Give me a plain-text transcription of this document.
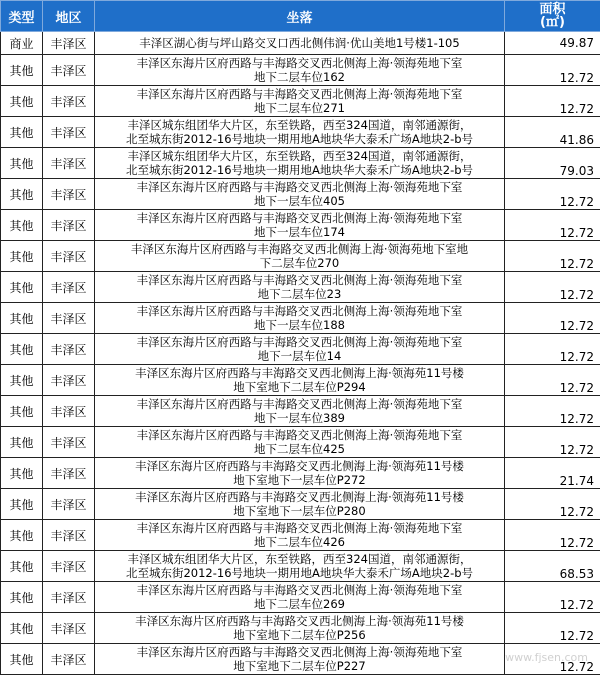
类型	地区	坐落	面积
(㎡)
商业	丰泽区	丰泽区湖心街与坪山路交叉口西北侧伟润·优山美地1号楼1-105	49.87
其他	丰泽区	丰泽区东海片区府西路与丰海路交叉西北侧海上海·领海苑地下室
地下二层车位162	12.72
其他	丰泽区	丰泽区东海片区府西路与丰海路交叉西北侧海上海·领海苑地下室
地下二层车位271	12.72
其他	丰泽区	丰泽区城东组团华大片区，东至铁路，西至324国道，南邻通源街，
北至城东街2012-16号地块一期用地A地块华大泰禾广场A地块2-b号	41.86
其他	丰泽区	丰泽区城东组团华大片区，东至铁路，西至324国道，南邻通源街，
北至城东街2012-16号地块一期用地A地块华大泰禾广场A地块2-b号	79.03
其他	丰泽区	丰泽区东海片区府西路与丰海路交叉西北侧海上海·领海苑地下室
地下一层车位405	12.72
其他	丰泽区	丰泽区东海片区府西路与丰海路交叉西北侧海上海·领海苑地下室
地下一层车位174	12.72
其他	丰泽区	丰泽区东海片区府西路与丰海路交叉西北侧海上海·领海苑地下室地
下二层车位270	12.72
其他	丰泽区	丰泽区东海片区府西路与丰海路交叉西北侧海上海·领海苑地下室
地下二层车位23	12.72
其他	丰泽区	丰泽区东海片区府西路与丰海路交叉西北侧海上海·领海苑地下室
地下一层车位188	12.72
其他	丰泽区	丰泽区东海片区府西路与丰海路交叉西北侧海上海·领海苑地下室
地下一层车位14	12.72
其他	丰泽区	丰泽区东海片区府西路与丰海路交叉西北侧海上海·领海苑11号楼
地下室地下二层车位P294	12.72
其他	丰泽区	丰泽区东海片区府西路与丰海路交叉西北侧海上海·领海苑地下室
地下一层车位389	12.72
其他	丰泽区	丰泽区东海片区府西路与丰海路交叉西北侧海上海·领海苑地下室
地下二层车位425	12.72
其他	丰泽区	丰泽区东海片区府西路与丰海路交叉西北侧海上海·领海苑11号楼
地下室地下一层车位P272	21.74
其他	丰泽区	丰泽区东海片区府西路与丰海路交叉西北侧海上海·领海苑11号楼
地下室地下一层车位P280	12.72
其他	丰泽区	丰泽区东海片区府西路与丰海路交叉西北侧海上海·领海苑地下室
地下二层车位426	12.72
其他	丰泽区	丰泽区城东组团华大片区，东至铁路，西至324国道，南邻通源街，
北至城东街2012-16号地块一期用地A地块华大泰禾广场A地块2-b号	68.53
其他	丰泽区	丰泽区东海片区府西路与丰海路交叉西北侧海上海·领海苑地下室
地下二层车位269	12.72
其他	丰泽区	丰泽区东海片区府西路与丰海路交叉西北侧海上海·领海苑11号楼
地下室地下二层车位P256	12.72
其他	丰泽区	丰泽区东海片区府西路与丰海路交叉西北侧海上海·领海苑地下室
地下室地下二层车位P227	12.72
www.fjsen.com
